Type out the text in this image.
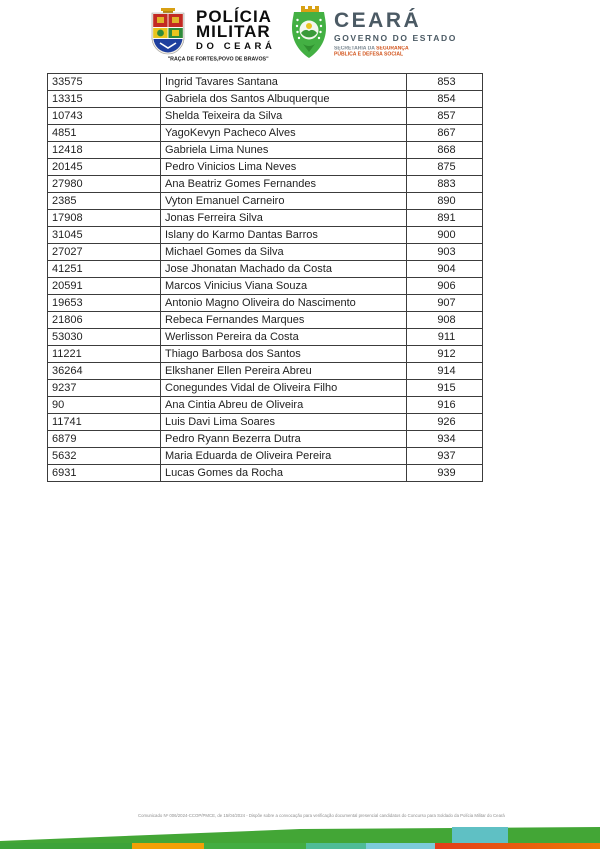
POLÍCIA
MILITAR
DO CEARÁ
"RAÇA DE FORTES,POVO DE BRAVOS"
CEARÁ
GOVERNO DO ESTADO
SECRETARIA DA SEGURANÇA
PÚBLICA E DEFESA SOCIAL
33575	Ingrid Tavares Santana	853
13315	Gabriela dos Santos Albuquerque	854
10743	Shelda Teixeira da Silva	857
4851	YagoKevyn Pacheco Alves	867
12418	Gabriela Lima Nunes	868
20145	Pedro Vinicios Lima Neves	875
27980	Ana Beatriz Gomes Fernandes	883
2385	Vyton Emanuel Carneiro	890
17908	Jonas Ferreira Silva	891
31045	Islany do Karmo Dantas Barros	900
27027	Michael Gomes da Silva	903
41251	Jose Jhonatan Machado da Costa	904
20591	Marcos Vinicius Viana Souza	906
19653	Antonio Magno Oliveira do Nascimento	907
21806	Rebeca Fernandes Marques	908
53030	Werlisson Pereira da Costa	911
11221	Thiago Barbosa dos Santos	912
36264	Elkshaner Ellen Pereira Abreu	914
9237	Conegundes Vidal de Oliveira Filho	915
90	Ana Cintia Abreu de Oliveira	916
11741	Luis Davi Lima Soares	926
6879	Pedro Ryann Bezerra Dutra	934
5632	Maria Eduarda de Oliveira Pereira	937
6931	Lucas Gomes da Rocha	939
Comunicado Nº 006/2024-CCOP/PMCE, de 15/04/2024 - Dispõe sobre a convocação para verificação documental presencial candidatos do Concurso para Soldado da Polícia Militar do Ceará
